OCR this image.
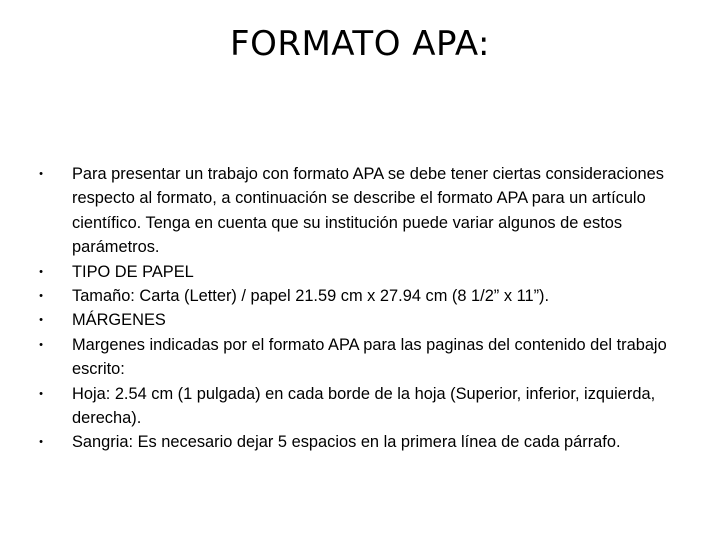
FORMATO APA:
•	Para presentar un trabajo con formato APA se debe tener ciertas consideraciones respecto al formato, a continuación se describe el formato APA para un artículo científico. Tenga en cuenta que su institución puede variar algunos de estos parámetros.
•	TIPO DE PAPEL
•	Tamaño: Carta (Letter) / papel 21.59 cm x 27.94 cm (8 1/2” x 11”).
•	MÁRGENES
•	Margenes indicadas por el formato APA para las paginas del contenido del trabajo escrito:
•	Hoja: 2.54 cm (1 pulgada) en cada borde de la hoja (Superior, inferior, izquierda, derecha).
•	Sangria: Es necesario dejar 5 espacios en la primera línea de cada párrafo.
